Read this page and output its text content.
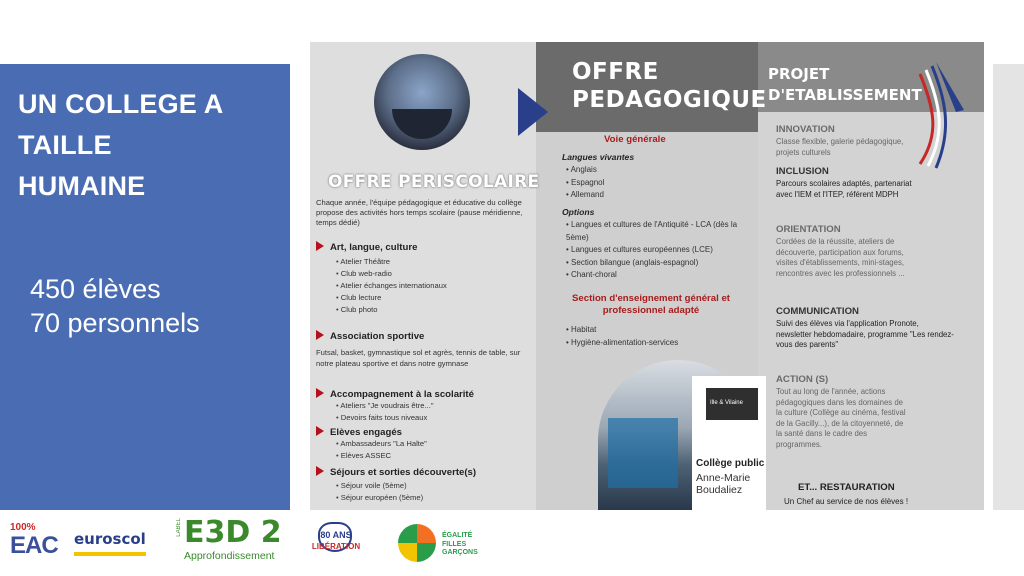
UN COLLEGE A
TAILLE
HUMAINE
450 élèves
70 personnels
OFFRE PERISCOLAIRE
Chaque année, l'équipe pédagogique et éducative du collège propose des activités hors temps scolaire (pause méridienne, temps dédié)
Art, langue, culture
• Atelier Théâtre
• Club web-radio
• Atelier échanges internationaux
• Club lecture
• Club photo
Association sportive
Futsal, basket, gymnastique sol et agrès, tennis de table, sur notre plateau sportive et dans notre gymnase
Accompagnement à la scolarité
• Ateliers "Je voudrais être..."
• Devoirs faits tous niveaux
Elèves engagés
• Ambassadeurs "La Halte"
• Elèves ASSEC
Séjours et sorties découverte(s)
• Séjour voile (5ème)
• Séjour européen (5ème)
OFFRE
PEDAGOGIQUE
Voie générale
Langues vivantes
• Anglais
• Espagnol
• Allemand
Options
• Langues et cultures de l'Antiquité - LCA (dès la 5ème)
• Langues et cultures européennes (LCE)
• Section bilangue (anglais-espagnol)
• Chant-choral
Section d'enseignement général et professionnel adapté
• Habitat
• Hygiène-alimentation-services
Ille & Vilaine
Collège public
Anne-Marie Boudaliez
PROJET
D'ETABLISSEMENT
INNOVATION
Classe flexible, galerie pédagogique, projets culturels
INCLUSION
Parcours scolaires adaptés, partenariat avec l'IEM et l'ITEP, référent MDPH
ORIENTATION
Cordées de la réussite, ateliers de découverte, participation aux forums, visites d'établissements, mini-stages, rencontres avec les professionnels ...
COMMUNICATION
Suivi des élèves via l'application Pronote, newsletter hebdomadaire, programme "Les rendez-vous des parents"
ACTION (S)
Tout au long de l'année, actions pédagogiques dans les domaines de la culture (Collège au cinéma, festival de la Gacilly...), de la citoyenneté, de la santé dans le cadre des programmes.
ET... RESTAURATION
Un Chef au service de nos élèves !
100%
EAC euroscol
LABEL E3D 2
Approfondissement
80 ANS
LIBÉRATION
ÉGALITÉ
FILLES
GARÇONS
